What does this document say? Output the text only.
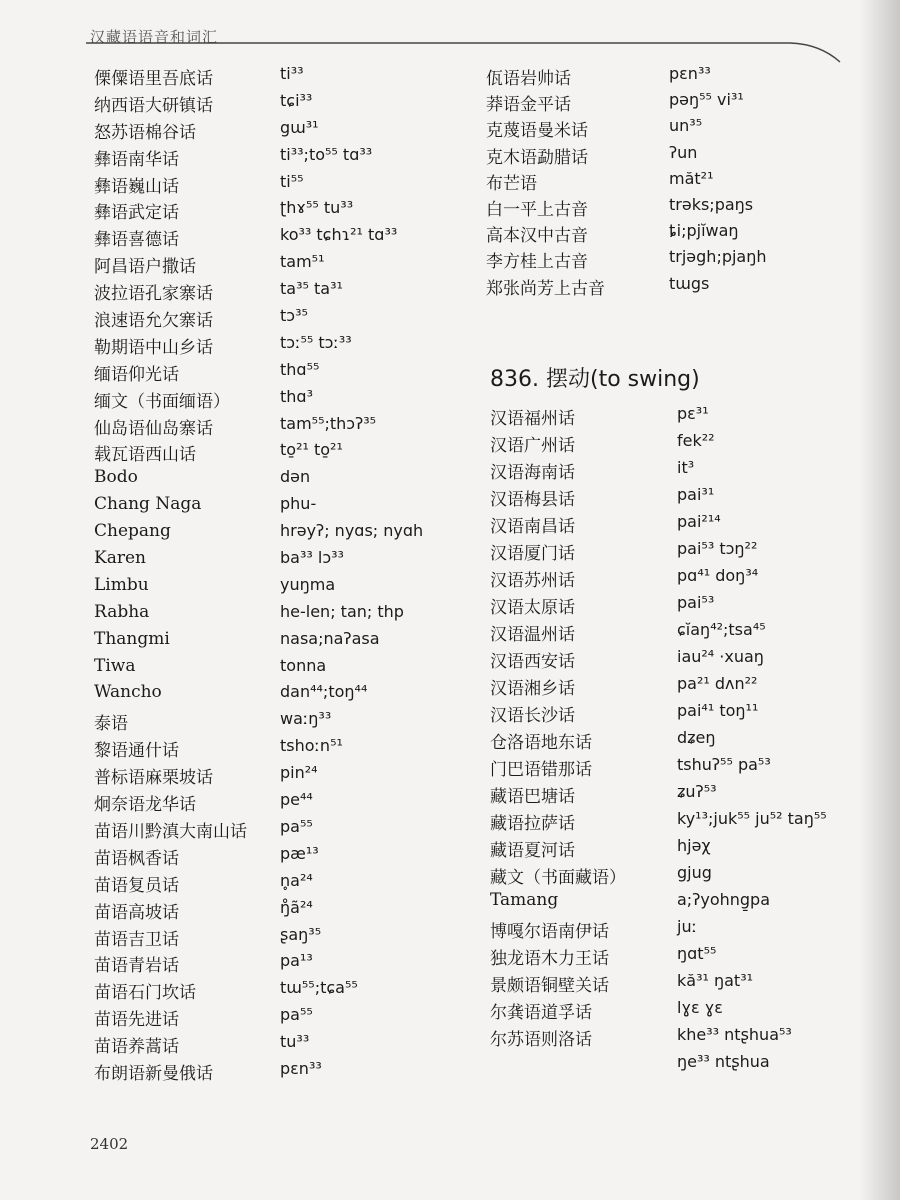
汉藏语语音和词汇
傈僳语里吾底话	ti³³
纳西语大研镇话	tɕi³³
怒苏语棉谷话	gɯ³¹
彝语南华话	ti³³;to⁵⁵ tɑ³³
彝语巍山话	ti⁵⁵
彝语武定话	ʈhɤ⁵⁵ tu³³
彝语喜德话	ko³³ tɕhɿ²¹ tɑ³³
阿昌语户撒话	tam⁵¹
波拉语孔家寨话	ta³⁵ ta³¹
浪速语允欠寨话	tɔ³⁵
勒期语中山乡话	tɔː⁵⁵ tɔː³³
缅语仰光话	thɑ⁵⁵
缅文（书面缅语）	thɑ³
仙岛语仙岛寨话	tam⁵⁵;thɔʔ³⁵
载瓦语西山话	to̱²¹ to̱²¹
Bodo	dən
Chang Naga	phu-
Chepang	hrəyʔ; nyɑs; nyɑh
Karen	ba³³ lɔ³³
Limbu	yuŋma
Rabha	he-len; tan; thp
Thangmi	nasa;naʔasa
Tiwa	tonna
Wancho	dan⁴⁴;toŋ⁴⁴
泰语	waːŋ³³
黎语通什话	tshoːn⁵¹
普标语麻栗坡话	pin²⁴
炯奈语龙华话	pe⁴⁴
苗语川黔滇大南山话 pa⁵⁵
苗语枫香话	pæ¹³
苗语复员话	n̥a²⁴
苗语高坡话	ŋ̊ã²⁴
苗语吉卫话	ʂaŋ³⁵
苗语青岩话	pa¹³
苗语石门坎话	tɯ⁵⁵;tɕa⁵⁵
苗语先进话	pa⁵⁵
苗语养蒿话	tu³³
布朗语新曼俄话	pɛn³³
佤语岩帅话	pɛn³³
莽语金平话	pəŋ⁵⁵ vi³¹
克蔑语曼米话	un³⁵
克木语勐腊话	ʔun
布芒语	măt²¹
白一平上古音	trəks;paŋs
高本汉中古音	ȶi;pjĭwaŋ
李方桂上古音	trjəgh;pjaŋh
郑张尚芳上古音	tɯgs
836. 摆动(to swing)
汉语福州话	pɛ³¹
汉语广州话	fek²²
汉语海南话	it³
汉语梅县话	pai³¹
汉语南昌话	pai²¹⁴
汉语厦门话	pai⁵³ tɔŋ²²
汉语苏州话	pɑ⁴¹ doŋ³⁴
汉语太原话	pai⁵³
汉语温州话	ɕĭaŋ⁴²;tsa⁴⁵
汉语西安话	iau²⁴ ·xuaŋ
汉语湘乡话	pa²¹ dʌn²²
汉语长沙话	pai⁴¹ toŋ¹¹
仓洛语地东话	dʑeŋ
门巴语错那话	tshuʔ⁵⁵ pa⁵³
藏语巴塘话	ʑuʔ⁵³
藏语拉萨话	ky¹³;juk⁵⁵ ju⁵² taŋ⁵⁵
藏语夏河话	hjəχ
藏文（书面藏语）	gjug
Tamang	a;ʔyohng̱pa
博嘎尔语南伊话	juː
独龙语木力王话	ŋɑt⁵⁵
景颇语铜壁关话	kă³¹ ŋat³¹
尔龚语道孚话	lɣɛ ɣɛ
尔苏语则洛话	khe³³ ntʂhua⁵³
ŋe³³ ntʂhua
2402
